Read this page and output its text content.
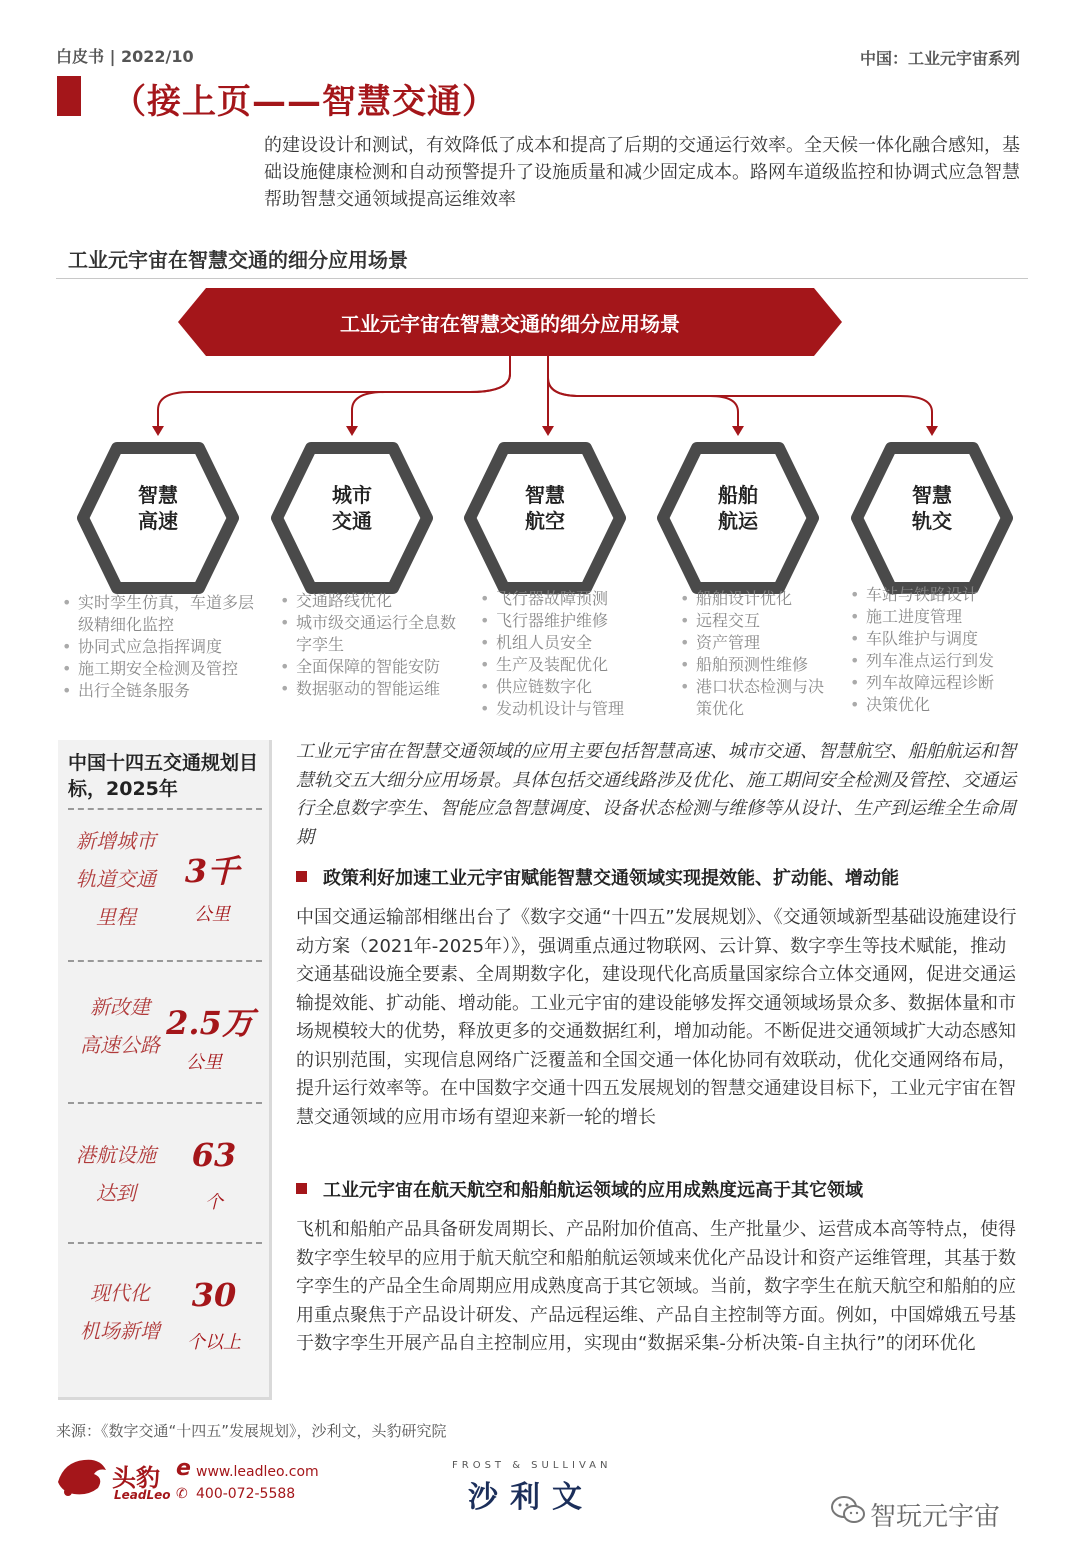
白皮书 | 2022/10	中国：工业元宇宙系列
（接上页——智慧交通）
的建设设计和测试，有效降低了成本和提高了后期的交通运行效率。全天候一体化融合感知，基础设施健康检测和自动预警提升了设施质量和减少固定成本。路网车道级监控和协调式应急智慧帮助智慧交通领域提高运维效率
工业元宇宙在智慧交通的细分应用场景
工业元宇宙在智慧交通的细分应用场景
智慧
高速
城市
交通
智慧
航空
船舶
航运
智慧
轨交
• 实时孪生仿真，车道多层级精细化监控
• 协同式应急指挥调度
• 施工期安全检测及管控
• 出行全链条服务
• 交通路线优化
• 城市级交通运行全息数字孪生
• 全面保障的智能安防
• 数据驱动的智能运维
• 飞行器故障预测
• 飞行器维护维修
• 机组人员安全
• 生产及装配优化
• 供应链数字化
• 发动机设计与管理
• 船舶设计优化
• 远程交互
• 资产管理
• 船舶预测性维修
• 港口状态检测与决策优化
• 车站与铁路设计
• 施工进度管理
• 车队维护与调度
• 列车准点运行到发
• 列车故障远程诊断
• 决策优化
中国十四五交通规划目标，2025年
新增城市
轨道交通
里程
3千
公里
新改建
高速公路
2.5万
公里
港航设施
达到
63
个
现代化
机场新增
30
个以上
工业元宇宙在智慧交通领域的应用主要包括智慧高速、城市交通、智慧航空、船舶航运和智慧轨交五大细分应用场景。具体包括交通线路涉及优化、施工期间安全检测及管控、交通运行全息数字孪生、智能应急智慧调度、设备状态检测与维修等从设计、生产到运维全生命周期
政策利好加速工业元宇宙赋能智慧交通领域实现提效能、扩动能、增动能
中国交通运输部相继出台了《数字交通“十四五”发展规划》、《交通领域新型基础设施建设行动方案（2021年-2025年）》，强调重点通过物联网、云计算、数字孪生等技术赋能，推动交通基础设施全要素、全周期数字化，建设现代化高质量国家综合立体交通网，促进交通运输提效能、扩动能、增动能。工业元宇宙的建设能够发挥交通领域场景众多、数据体量和市场规模较大的优势，释放更多的交通数据红利，增加动能。不断促进交通领域扩大动态感知的识别范围，实现信息网络广泛覆盖和全国交通一体化协同有效联动，优化交通网络布局，提升运行效率等。在中国数字交通十四五发展规划的智慧交通建设目标下，工业元宇宙在智慧交通领域的应用市场有望迎来新一轮的增长
工业元宇宙在航天航空和船舶航运领域的应用成熟度远高于其它领域
飞机和船舶产品具备研发周期长、产品附加价值高、生产批量少、运营成本高等特点，使得数字孪生较早的应用于航天航空和船舶航运领域来优化产品设计和资产运维管理，其基于数字孪生的产品全生命周期应用成熟度高于其它领域。当前，数字孪生在航天航空和船舶的应用重点聚焦于产品设计研发、产品远程运维、产品自主控制等方面。例如，中国嫦娥五号基于数字孪生开展产品自主控制应用，实现由“数据采集-分析决策-自主执行”的闭环优化
来源：《数字交通“十四五”发展规划》，沙利文，头豹研究院
头豹
LeadLeo
e www.leadleo.com
✆ 400-072-5588
FROST & SULLIVAN
沙利文
智玩元宇宙
